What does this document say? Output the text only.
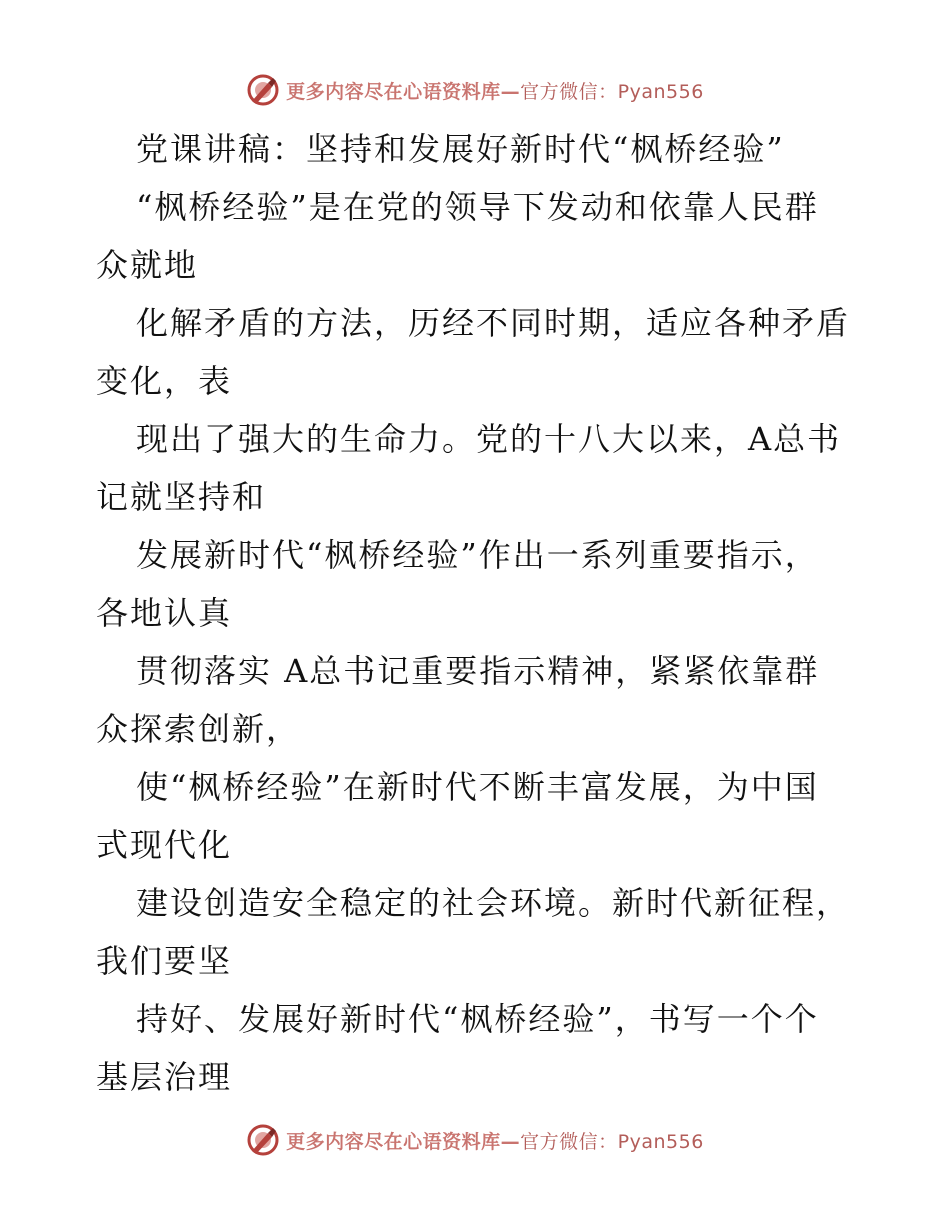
更多内容尽在心语资料库—官方微信：Pyan556
党课讲稿：坚持和发展好新时代“枫桥经验”
“枫桥经验”是在党的领导下发动和依靠人民群
众就地
化解矛盾的方法，历经不同时期，适应各种矛盾
变化，表
现出了强大的生命力。党的十八大以来，A总书
记就坚持和
发展新时代“枫桥经验”作出一系列重要指示，
各地认真
贯彻落实 A总书记重要指示精神，紧紧依靠群
众探索创新，
使“枫桥经验”在新时代不断丰富发展，为中国
式现代化
建设创造安全稳定的社会环境。新时代新征程，
我们要坚
持好、发展好新时代“枫桥经验”，书写一个个
基层治理
更多内容尽在心语资料库—官方微信：Pyan556
